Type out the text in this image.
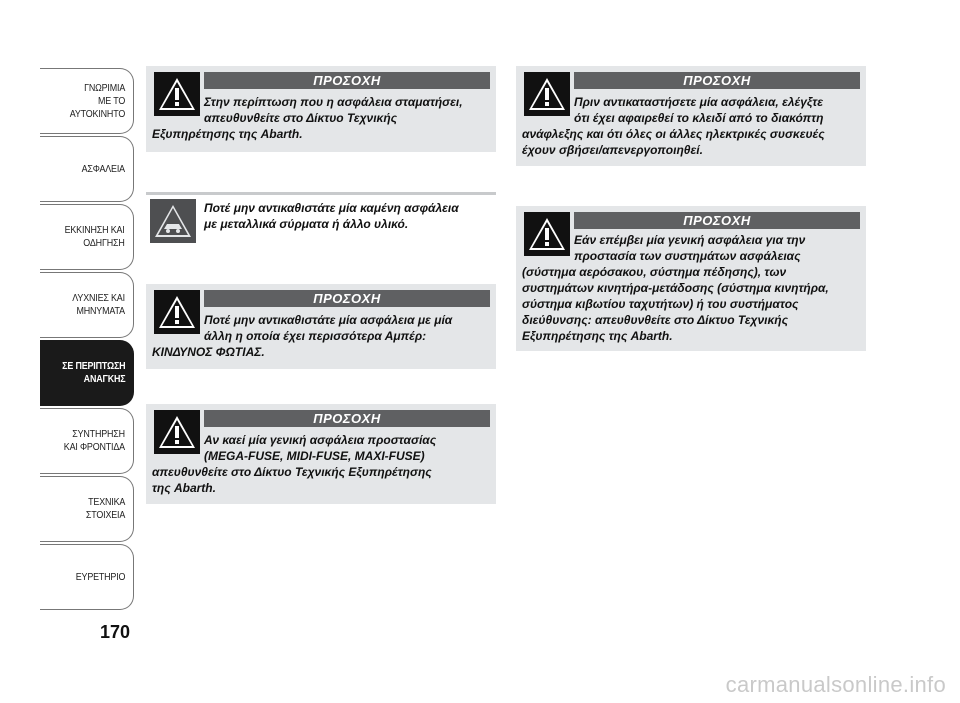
ΓΝΩΡΙΜΙΑ
ΜΕ ΤΟ
ΑΥΤΟΚΙΝΗΤΟ
ΑΣΦΑΛΕΙΑ
ΕΚΚΙΝΗΣΗ ΚΑΙ
ΟΔΗΓΗΣΗ
ΛΥΧΝΙΕΣ ΚΑΙ
ΜΗΝΥΜΑΤΑ
ΣΕ ΠΕΡΙΠΤΩΣΗ
ΑΝΑΓΚΗΣ
ΣΥΝΤΗΡΗΣΗ
ΚΑΙ ΦΡΟΝΤΙΔΑ
ΤΕΧΝΙΚΑ
ΣΤΟΙΧΕΙΑ
ΕΥΡΕΤΗΡΙΟ
170
ΠΡΟΣΟΧΗ
Στην περίπτωση που η ασφάλεια σταματήσει,
απευθυνθείτε στο Δίκτυο Τεχνικής
Εξυπηρέτησης της Abarth.
Ποτέ μην αντικαθιστάτε μία καμένη ασφάλεια
με μεταλλικά σύρματα ή άλλο υλικό.
ΠΡΟΣΟΧΗ
Ποτέ μην αντικαθιστάτε μία ασφάλεια με μία
άλλη η οποία έχει περισσότερα Αμπέρ:
ΚΙΝΔΥΝΟΣ ΦΩΤΙΑΣ.
ΠΡΟΣΟΧΗ
Αν καεί μία γενική ασφάλεια προστασίας
(MEGA-FUSE, MIDI-FUSE, MAXI-FUSE)
απευθυνθείτε στο Δίκτυο Τεχνικής Εξυπηρέτησης
της Abarth.
ΠΡΟΣΟΧΗ
Πριν αντικαταστήσετε μία ασφάλεια, ελέγξτε
ότι έχει αφαιρεθεί το κλειδί από το διακόπτη
ανάφλεξης και ότι όλες οι άλλες ηλεκτρικές συσκευές
έχουν σβήσει/απενεργοποιηθεί.
ΠΡΟΣΟΧΗ
Εάν επέμβει μία γενική ασφάλεια για την
προστασία των συστημάτων ασφάλειας
(σύστημα αερόσακου, σύστημα πέδησης), των
συστημάτων κινητήρα-μετάδοσης (σύστημα κινητήρα,
σύστημα κιβωτίου ταχυτήτων) ή του συστήματος
διεύθυνσης: απευθυνθείτε στο Δίκτυο Τεχνικής
Εξυπηρέτησης της Abarth.
carmanualsonline.info
